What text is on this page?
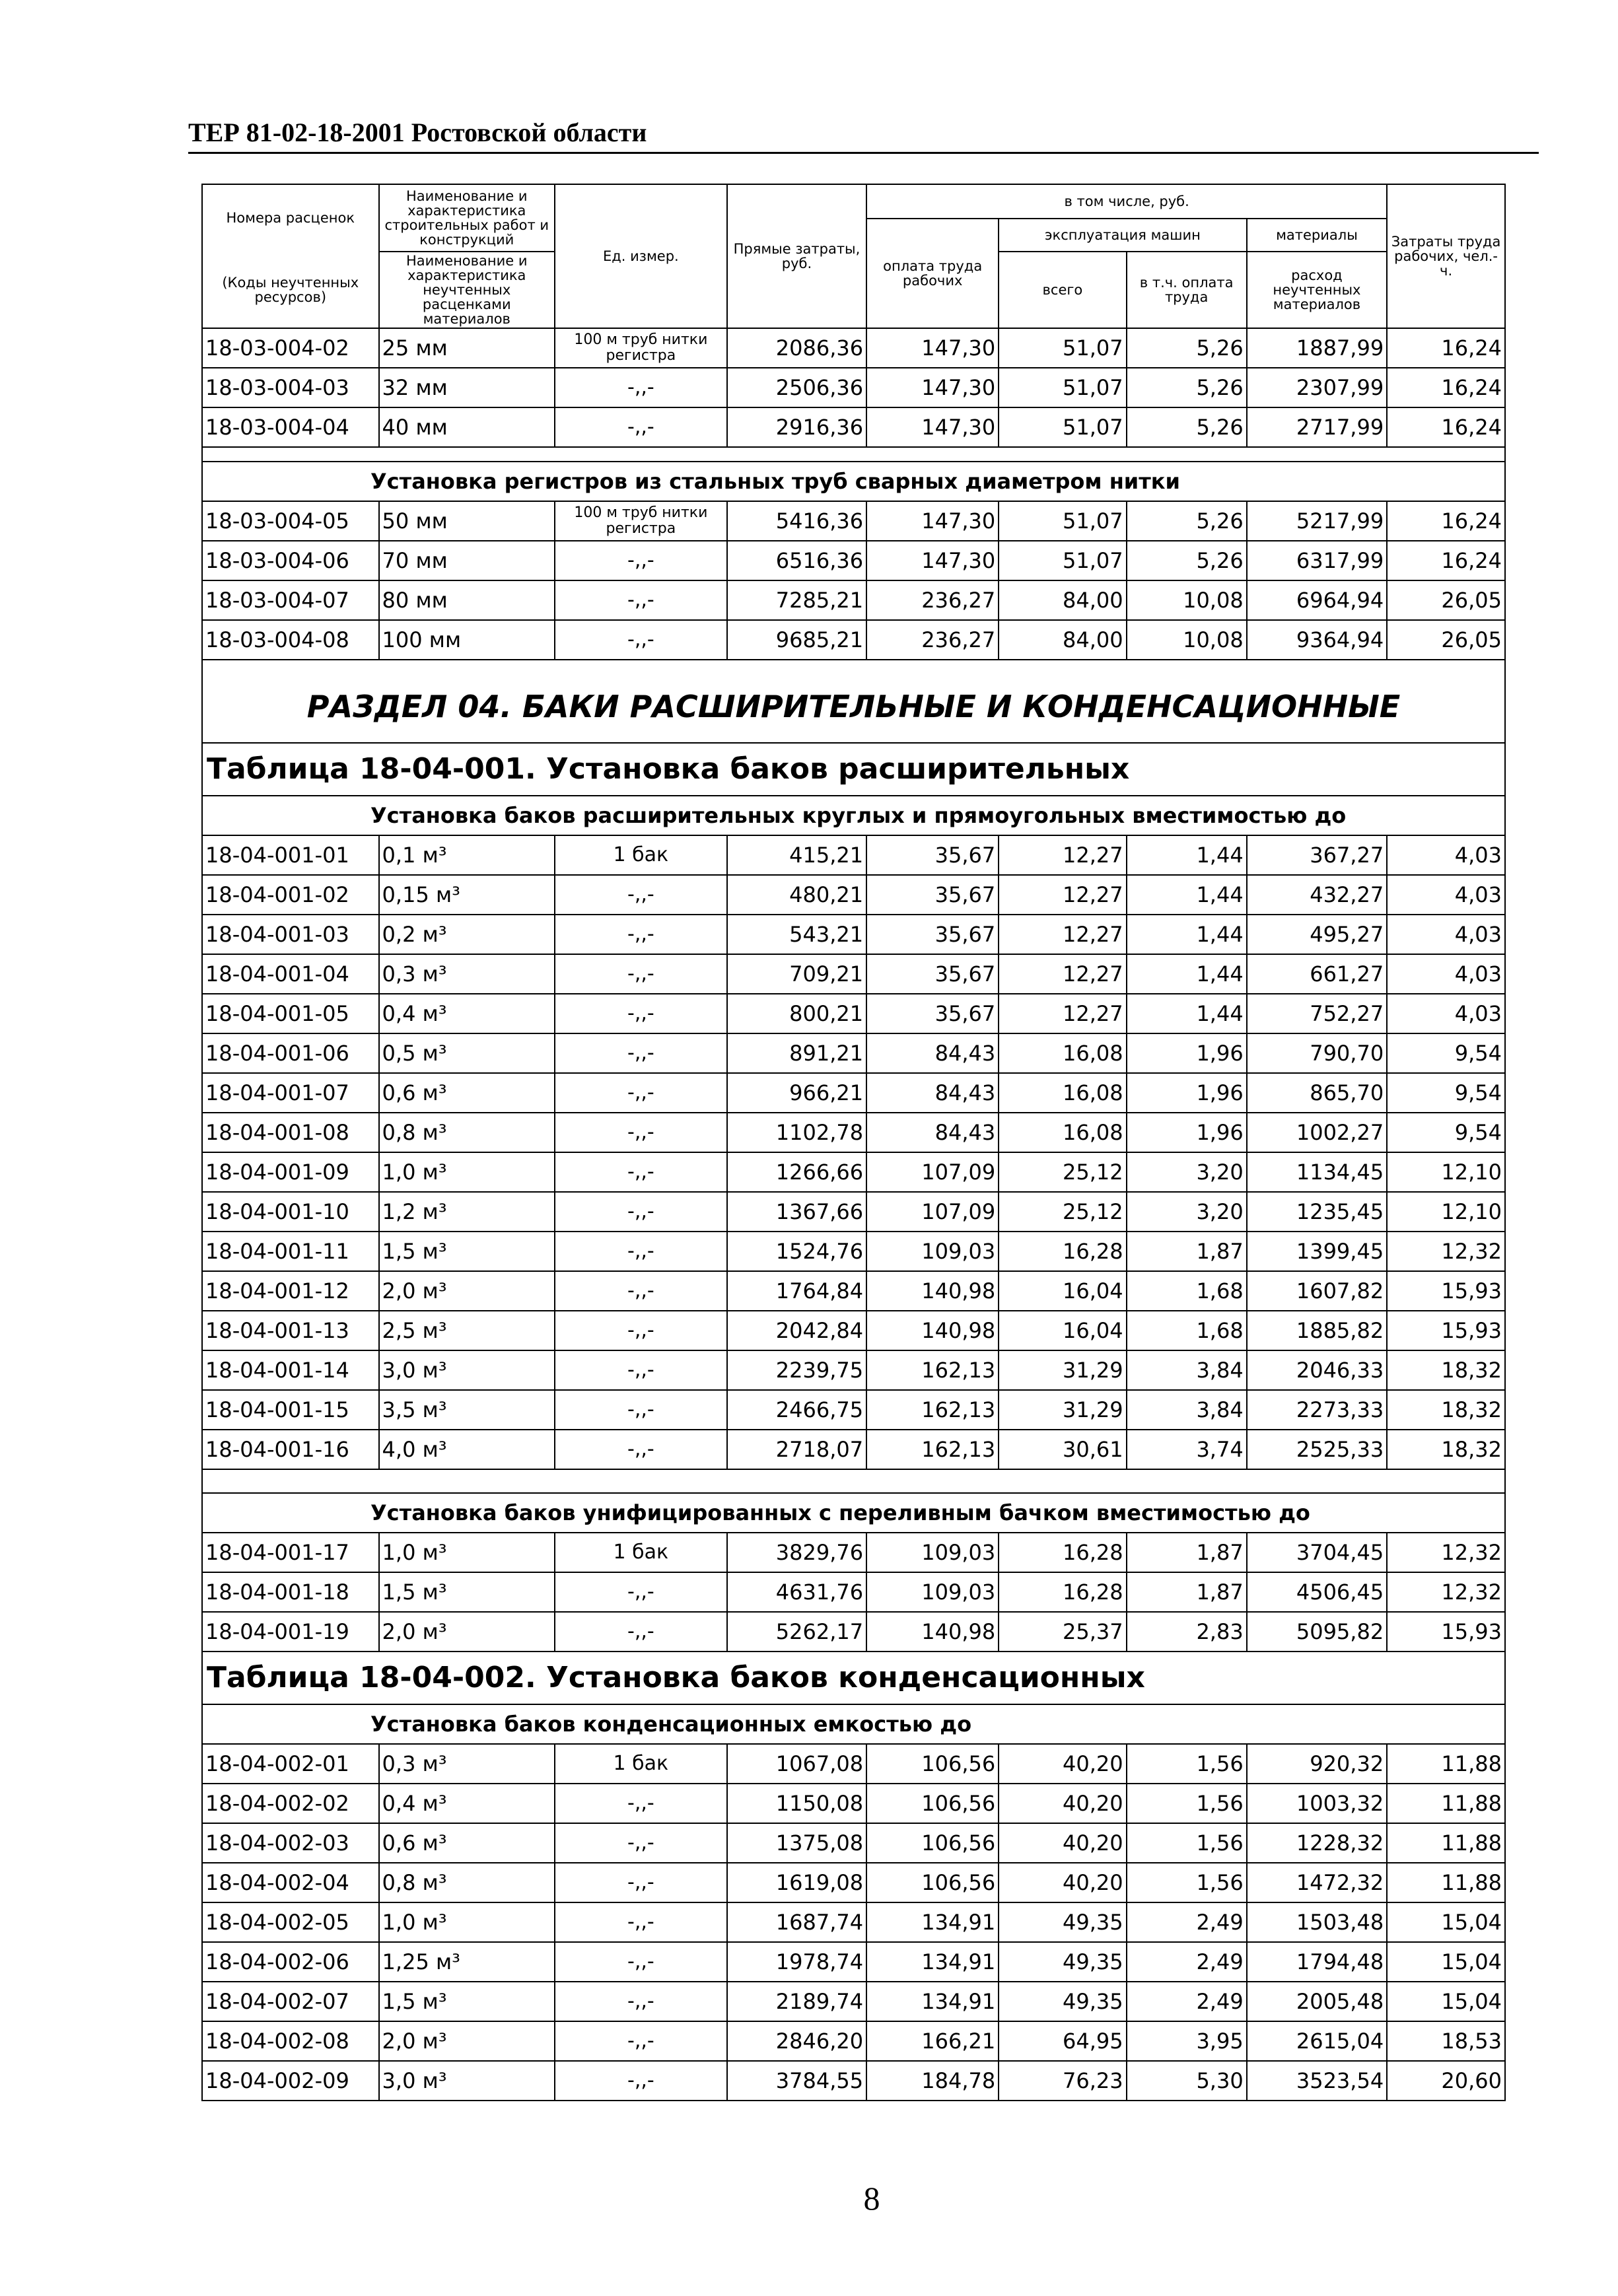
ТЕР 81-02-18-2001 Ростовской области
Номера расценок	Наименование и характеристика строительных работ и конструкций	Ед. измер.	Прямые затраты, руб.	в том числе, руб.				Затраты труда рабочих, чел.-ч.
				оплата труда рабочих	эксплуатация машин		материалы	
(Коды неучтенных ресурсов)	Наименование и характеристика неучтенных расценками материалов				всего	в т.ч. оплата труда	расход неучтенных материалов	

18-03-004-02	25 мм	100 м труб нитки регистра	2086,36	147,30	51,07	5,26	1887,99	16,24
18-03-004-03	32 мм	-,,-	2506,36	147,30	51,07	5,26	2307,99	16,24
18-03-004-04	40 мм	-,,-	2916,36	147,30	51,07	5,26	2717,99	16,24

Установка регистров из стальных труб сварных диаметром нитки								
18-03-004-05	50 мм	100 м труб нитки регистра	5416,36	147,30	51,07	5,26	5217,99	16,24
18-03-004-06	70 мм	-,,-	6516,36	147,30	51,07	5,26	6317,99	16,24
18-03-004-07	80 мм	-,,-	7285,21	236,27	84,00	10,08	6964,94	26,05
18-03-004-08	100 мм	-,,-	9685,21	236,27	84,00	10,08	9364,94	26,05
РАЗДЕЛ 04. БАКИ РАСШИРИТЕЛЬНЫЕ И КОНДЕНСАЦИОННЫЕ								
Таблица 18-04-001. Установка баков расширительных								
Установка баков расширительных круглых и прямоугольных вместимостью до								
18-04-001-01	0,1 м³	1 бак	415,21	35,67	12,27	1,44	367,27	4,03
18-04-001-02	0,15 м³	-,,-	480,21	35,67	12,27	1,44	432,27	4,03
18-04-001-03	0,2 м³	-,,-	543,21	35,67	12,27	1,44	495,27	4,03
18-04-001-04	0,3 м³	-,,-	709,21	35,67	12,27	1,44	661,27	4,03
18-04-001-05	0,4 м³	-,,-	800,21	35,67	12,27	1,44	752,27	4,03
18-04-001-06	0,5 м³	-,,-	891,21	84,43	16,08	1,96	790,70	9,54
18-04-001-07	0,6 м³	-,,-	966,21	84,43	16,08	1,96	865,70	9,54
18-04-001-08	0,8 м³	-,,-	1102,78	84,43	16,08	1,96	1002,27	9,54
18-04-001-09	1,0 м³	-,,-	1266,66	107,09	25,12	3,20	1134,45	12,10
18-04-001-10	1,2 м³	-,,-	1367,66	107,09	25,12	3,20	1235,45	12,10
18-04-001-11	1,5 м³	-,,-	1524,76	109,03	16,28	1,87	1399,45	12,32
18-04-001-12	2,0 м³	-,,-	1764,84	140,98	16,04	1,68	1607,82	15,93
18-04-001-13	2,5 м³	-,,-	2042,84	140,98	16,04	1,68	1885,82	15,93
18-04-001-14	3,0 м³	-,,-	2239,75	162,13	31,29	3,84	2046,33	18,32
18-04-001-15	3,5 м³	-,,-	2466,75	162,13	31,29	3,84	2273,33	18,32
18-04-001-16	4,0 м³	-,,-	2718,07	162,13	30,61	3,74	2525,33	18,32

Установка баков унифицированных с переливным бачком вместимостью до								
18-04-001-17	1,0 м³	1 бак	3829,76	109,03	16,28	1,87	3704,45	12,32
18-04-001-18	1,5 м³	-,,-	4631,76	109,03	16,28	1,87	4506,45	12,32
18-04-001-19	2,0 м³	-,,-	5262,17	140,98	25,37	2,83	5095,82	15,93
Таблица 18-04-002. Установка баков конденсационных								
Установка баков конденсационных емкостью до								
18-04-002-01	0,3 м³	1 бак	1067,08	106,56	40,20	1,56	920,32	11,88
18-04-002-02	0,4 м³	-,,-	1150,08	106,56	40,20	1,56	1003,32	11,88
18-04-002-03	0,6 м³	-,,-	1375,08	106,56	40,20	1,56	1228,32	11,88
18-04-002-04	0,8 м³	-,,-	1619,08	106,56	40,20	1,56	1472,32	11,88
18-04-002-05	1,0 м³	-,,-	1687,74	134,91	49,35	2,49	1503,48	15,04
18-04-002-06	1,25 м³	-,,-	1978,74	134,91	49,35	2,49	1794,48	15,04
18-04-002-07	1,5 м³	-,,-	2189,74	134,91	49,35	2,49	2005,48	15,04
18-04-002-08	2,0 м³	-,,-	2846,20	166,21	64,95	3,95	2615,04	18,53
18-04-002-09	3,0 м³	-,,-	3784,55	184,78	76,23	5,30	3523,54	20,60
8
